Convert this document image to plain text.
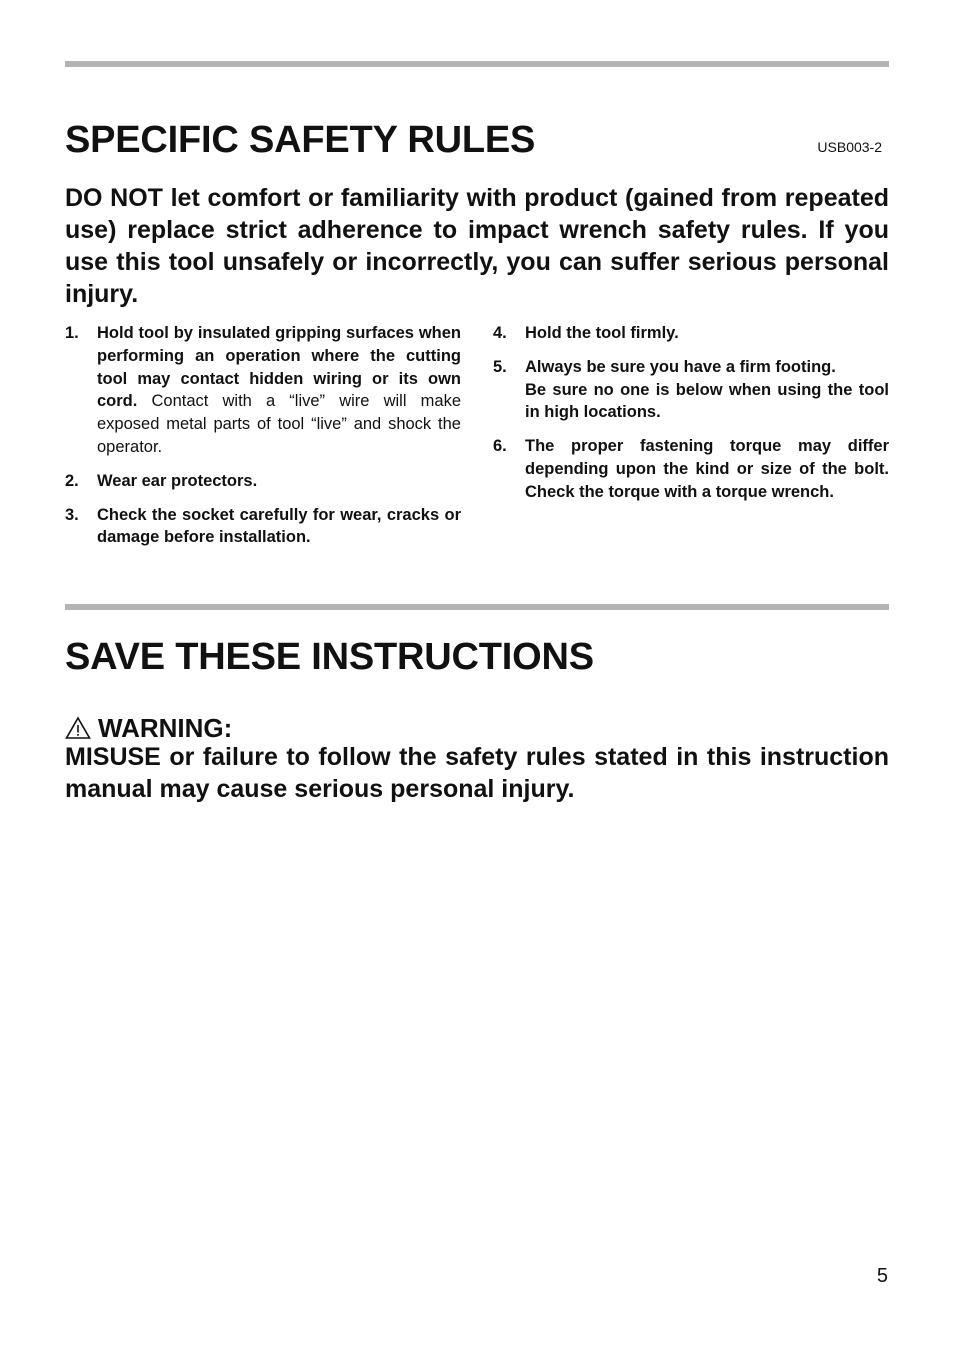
SPECIFIC SAFETY RULES	USB003-2

DO NOT let comfort or familiarity with product (gained from repeated use) replace strict adherence to impact wrench safety rules. If you use this tool unsafely or incorrectly, you can suffer serious personal injury.

1. Hold tool by insulated gripping surfaces when performing an operation where the cutting tool may contact hidden wiring or its own cord. Contact with a “live” wire will make exposed metal parts of tool “live” and shock the operator.
2. Wear ear protectors.
3. Check the socket carefully for wear, cracks or damage before installation.
4. Hold the tool firmly.
5. Always be sure you have a firm footing.
Be sure no one is below when using the tool in high locations.
6. The proper fastening torque may differ depending upon the kind or size of the bolt. Check the torque with a torque wrench.
SAVE THESE INSTRUCTIONS
WARNING:

MISUSE or failure to follow the safety rules stated in this instruction manual may cause serious personal injury.

5
